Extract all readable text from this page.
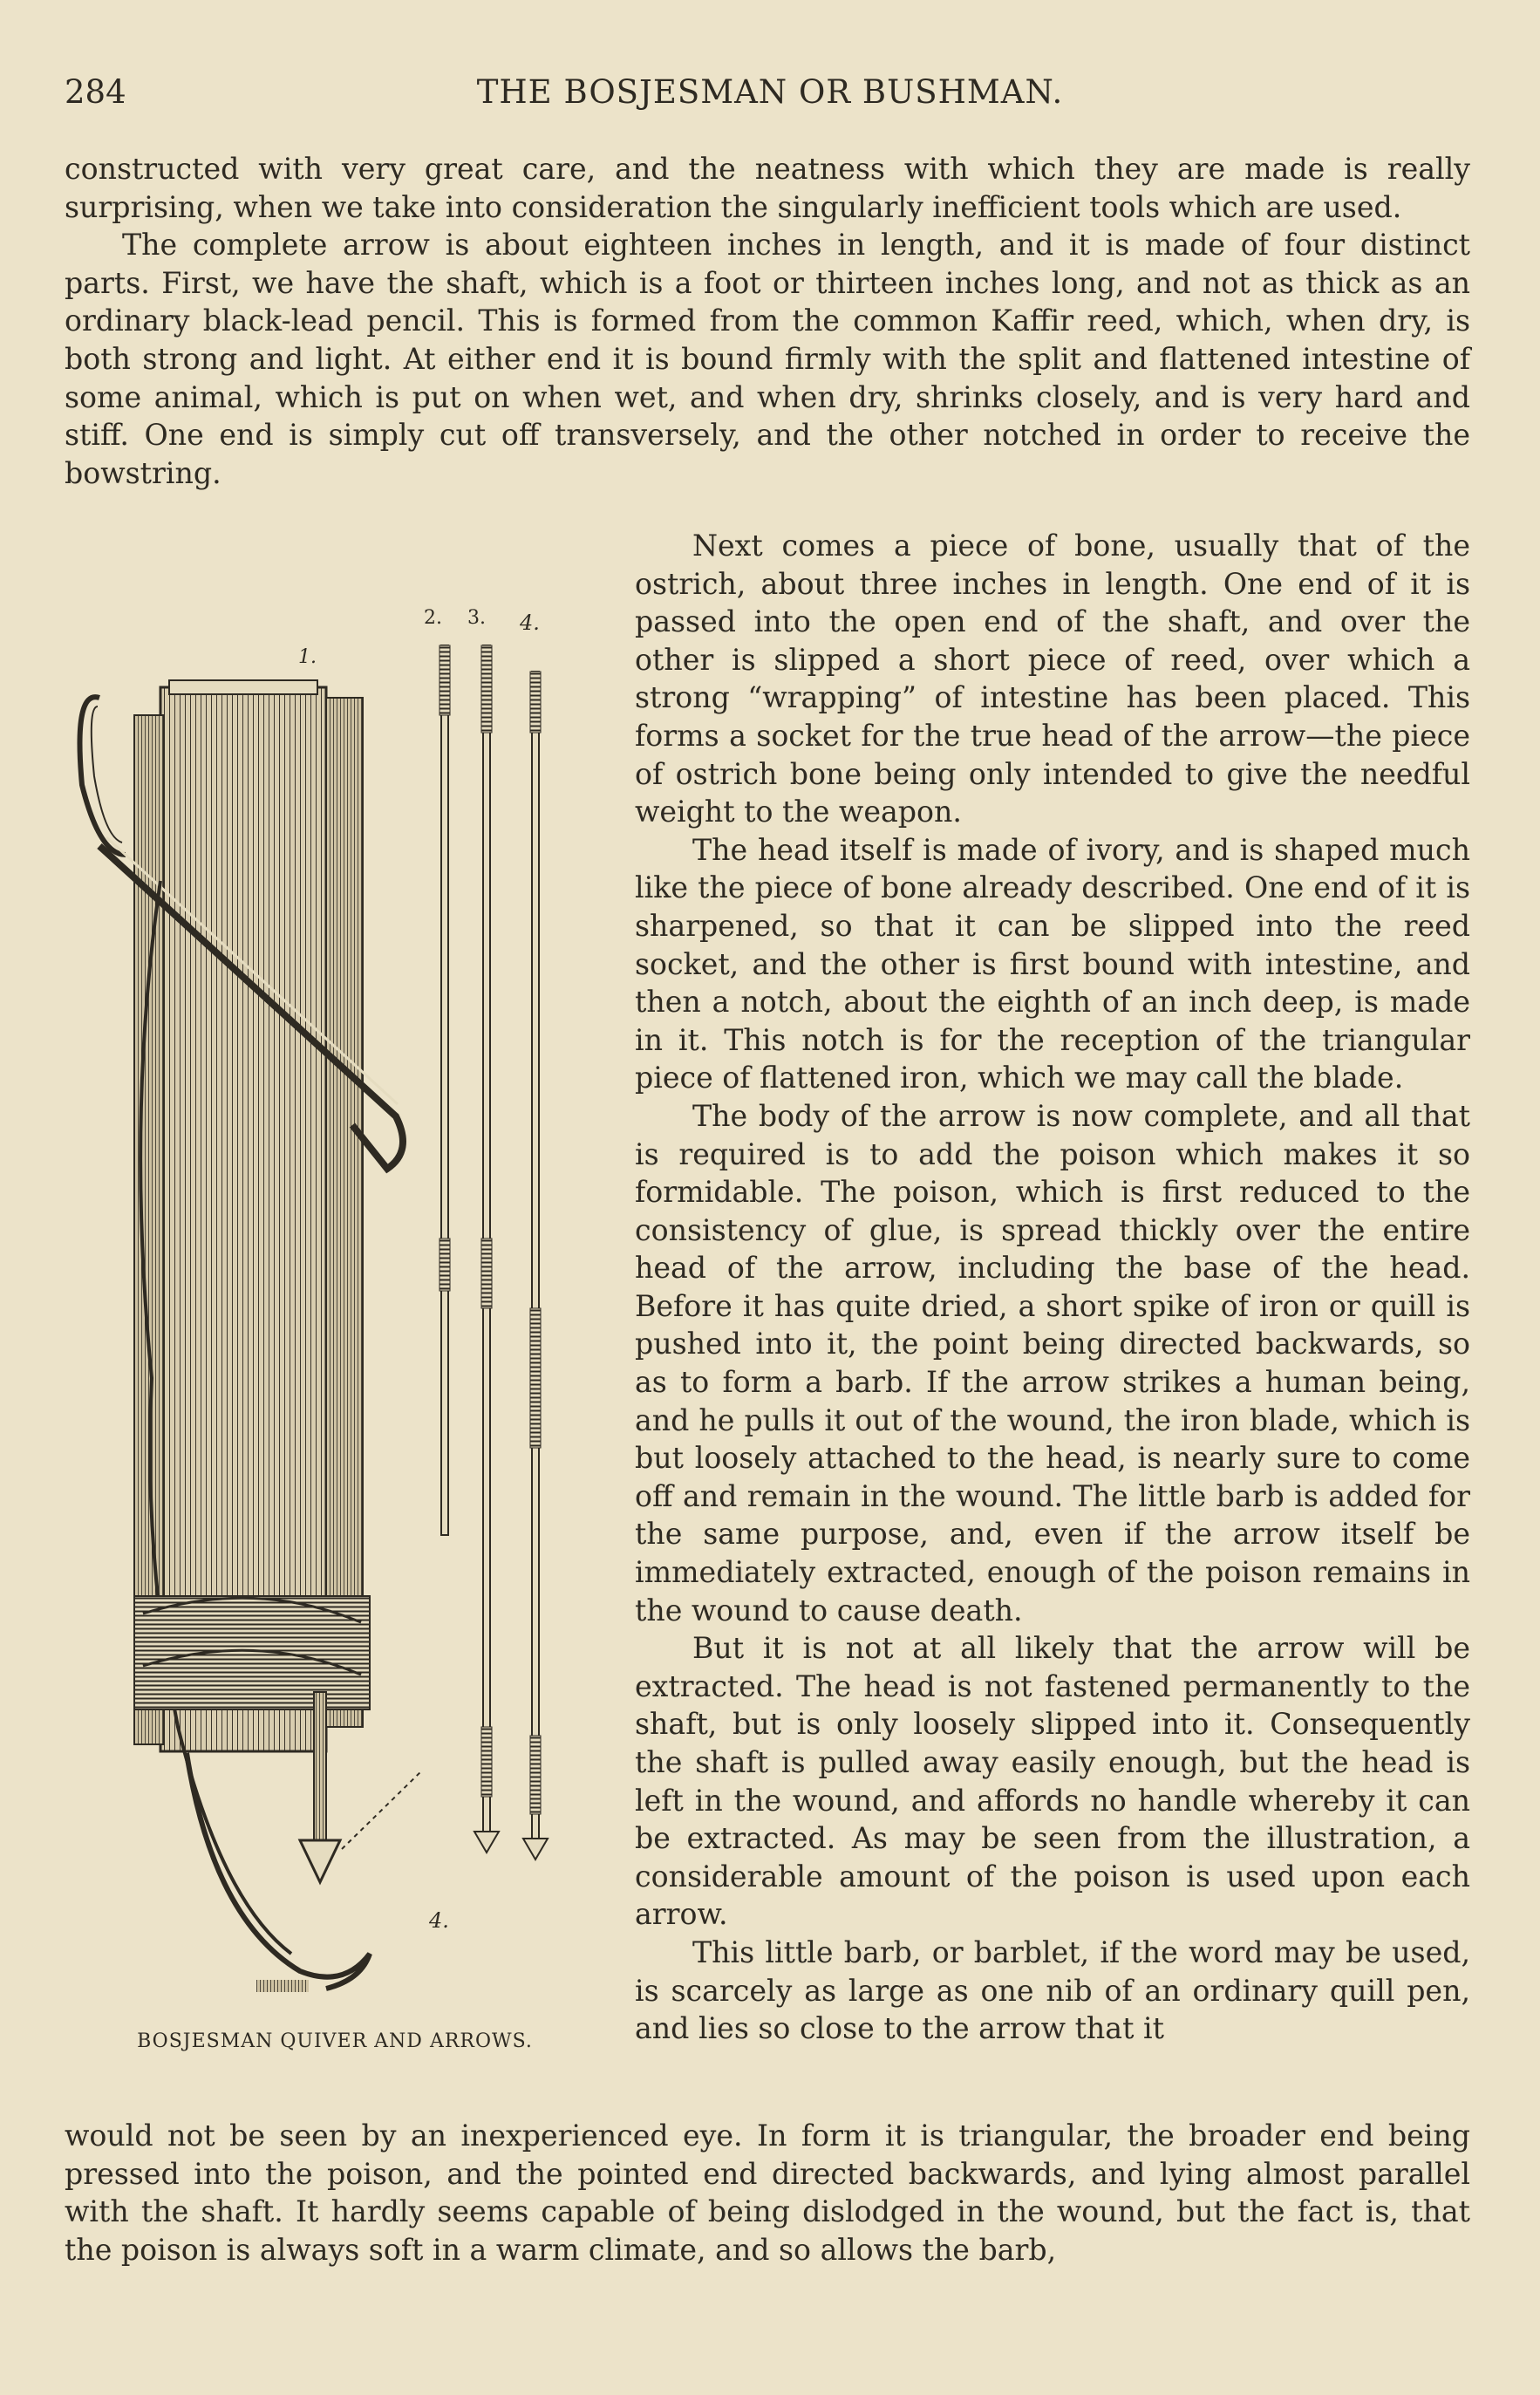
284	THE BOSJESMAN OR BUSHMAN.

constructed with very great care, and the neatness with which they are made is really surprising, when we take into consideration the singularly inefficient tools which are used.

The complete arrow is about eighteen inches in length, and it is made of four distinct parts. First, we have the shaft, which is a foot or thirteen inches long, and not as thick as an ordinary black-lead pencil. This is formed from the common Kaffir reed, which, when dry, is both strong and light. At either end it is bound firmly with the split and flattened intestine of some animal, which is put on when wet, and when dry, shrinks closely, and is very hard and stiff. One end is simply cut off transversely, and the other notched in order to receive the bowstring.

1.
2. 3. 4.
4.
BOSJESMAN QUIVER AND ARROWS.

Next comes a piece of bone, usually that of the ostrich, about three inches in length. One end of it is passed into the open end of the shaft, and over the other is slipped a short piece of reed, over which a strong “wrapping” of intestine has been placed. This forms a socket for the true head of the arrow—the piece of ostrich bone being only intended to give the needful weight to the weapon.

The head itself is made of ivory, and is shaped much like the piece of bone already described. One end of it is sharpened, so that it can be slipped into the reed socket, and the other is first bound with intestine, and then a notch, about the eighth of an inch deep, is made in it. This notch is for the reception of the triangular piece of flattened iron, which we may call the blade.

The body of the arrow is now complete, and all that is required is to add the poison which makes it so formidable. The poison, which is first reduced to the consistency of glue, is spread thickly over the entire head of the arrow, including the base of the head. Before it has quite dried, a short spike of iron or quill is pushed into it, the point being directed backwards, so as to form a barb. If the arrow strikes a human being, and he pulls it out of the wound, the iron blade, which is but loosely attached to the head, is nearly sure to come off and remain in the wound. The little barb is added for the same purpose, and, even if the arrow itself be immediately extracted, enough of the poison remains in the wound to cause death.

But it is not at all likely that the arrow will be extracted. The head is not fastened permanently to the shaft, but is only loosely slipped into it. Consequently the shaft is pulled away easily enough, but the head is left in the wound, and affords no handle whereby it can be extracted. As may be seen from the illustration, a considerable amount of the poison is used upon each arrow.

This little barb, or barblet, if the word may be used, is scarcely as large as one nib of an ordinary quill pen, and lies so close to the arrow that it

would not be seen by an inexperienced eye. In form it is triangular, the broader end being pressed into the poison, and the pointed end directed backwards, and lying almost parallel with the shaft. It hardly seems capable of being dislodged in the wound, but the fact is, that the poison is always soft in a warm climate, and so allows the barb,
